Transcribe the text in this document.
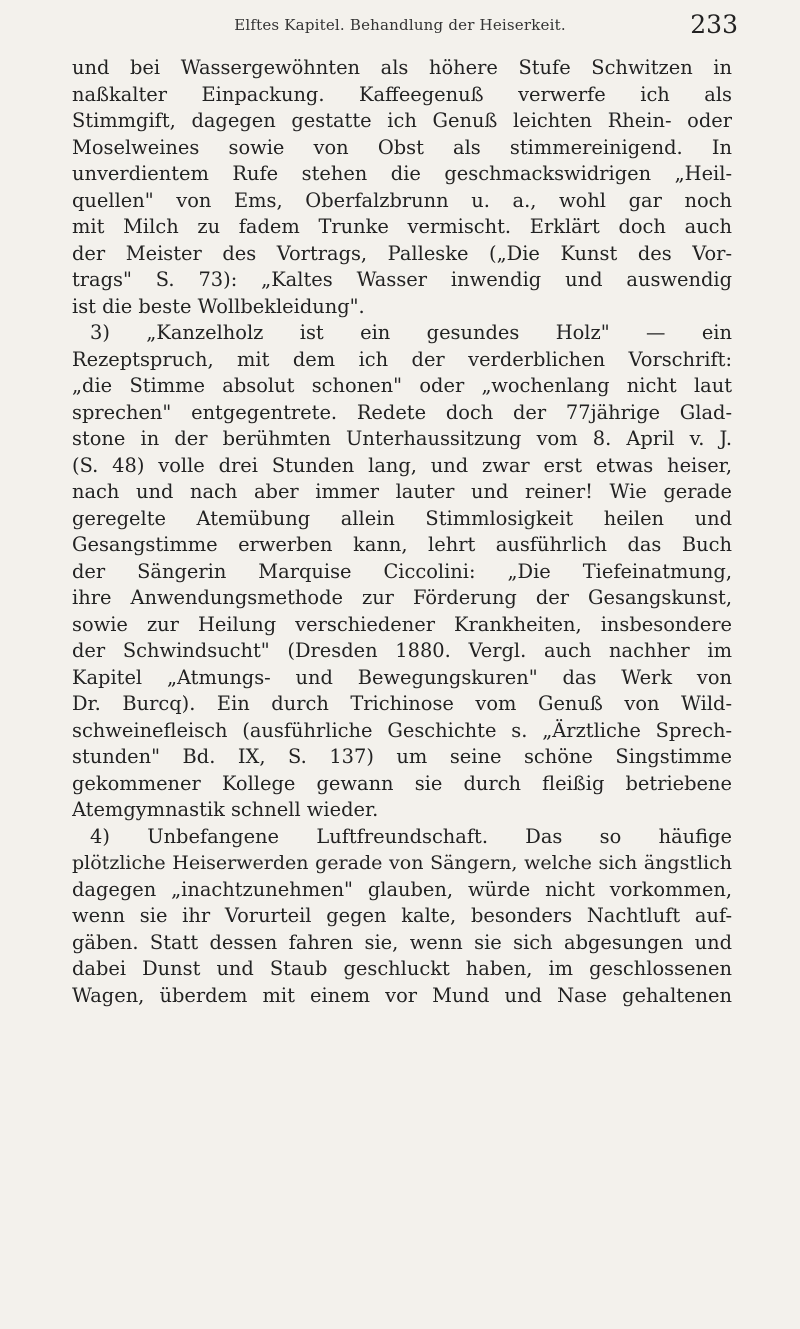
Elftes Kapitel. Behandlung der Heiserkeit.	233
und bei Wassergewöhnten als höhere Stufe Schwitzen in
naßkalter Einpackung. Kaffeegenuß verwerfe ich als
Stimmgift, dagegen gestatte ich Genuß leichten Rhein- oder
Moselweines sowie von Obst als stimmereinigend. In
unverdientem Rufe stehen die geschmackswidrigen „Heil-
quellen" von Ems, Oberfalzbrunn u. a., wohl gar noch
mit Milch zu fadem Trunke vermischt. Erklärt doch auch
der Meister des Vortrags, Palleske („Die Kunst des Vor-
trags" S. 73): „Kaltes Wasser inwendig und auswendig
ist die beste Wollbekleidung".
3) „Kanzelholz ist ein gesundes Holz" — ein
Rezeptspruch, mit dem ich der verderblichen Vorschrift:
„die Stimme absolut schonen" oder „wochenlang nicht laut
sprechen" entgegentrete. Redete doch der 77jährige Glad-
stone in der berühmten Unterhaussitzung vom 8. April v. J.
(S. 48) volle drei Stunden lang, und zwar erst etwas heiser,
nach und nach aber immer lauter und reiner! Wie gerade
geregelte Atemübung allein Stimmlosigkeit heilen und
Gesangstimme erwerben kann, lehrt ausführlich das Buch
der Sängerin Marquise Ciccolini: „Die Tiefeinatmung,
ihre Anwendungsmethode zur Förderung der Gesangskunst,
sowie zur Heilung verschiedener Krankheiten, insbesondere
der Schwindsucht" (Dresden 1880. Vergl. auch nachher im
Kapitel „Atmungs- und Bewegungskuren" das Werk von
Dr. Burcq). Ein durch Trichinose vom Genuß von Wild-
schweinefleisch (ausführliche Geschichte s. „Ärztliche Sprech-
stunden" Bd. IX, S. 137) um seine schöne Singstimme
gekommener Kollege gewann sie durch fleißig betriebene
Atemgymnastik schnell wieder.
4) Unbefangene Luftfreundschaft. Das so häufige
plötzliche Heiserwerden gerade von Sängern, welche sich ängstlich
dagegen „inachtzunehmen" glauben, würde nicht vorkommen,
wenn sie ihr Vorurteil gegen kalte, besonders Nachtluft auf-
gäben. Statt dessen fahren sie, wenn sie sich abgesungen und
dabei Dunst und Staub geschluckt haben, im geschlossenen
Wagen, überdem mit einem vor Mund und Nase gehaltenen
